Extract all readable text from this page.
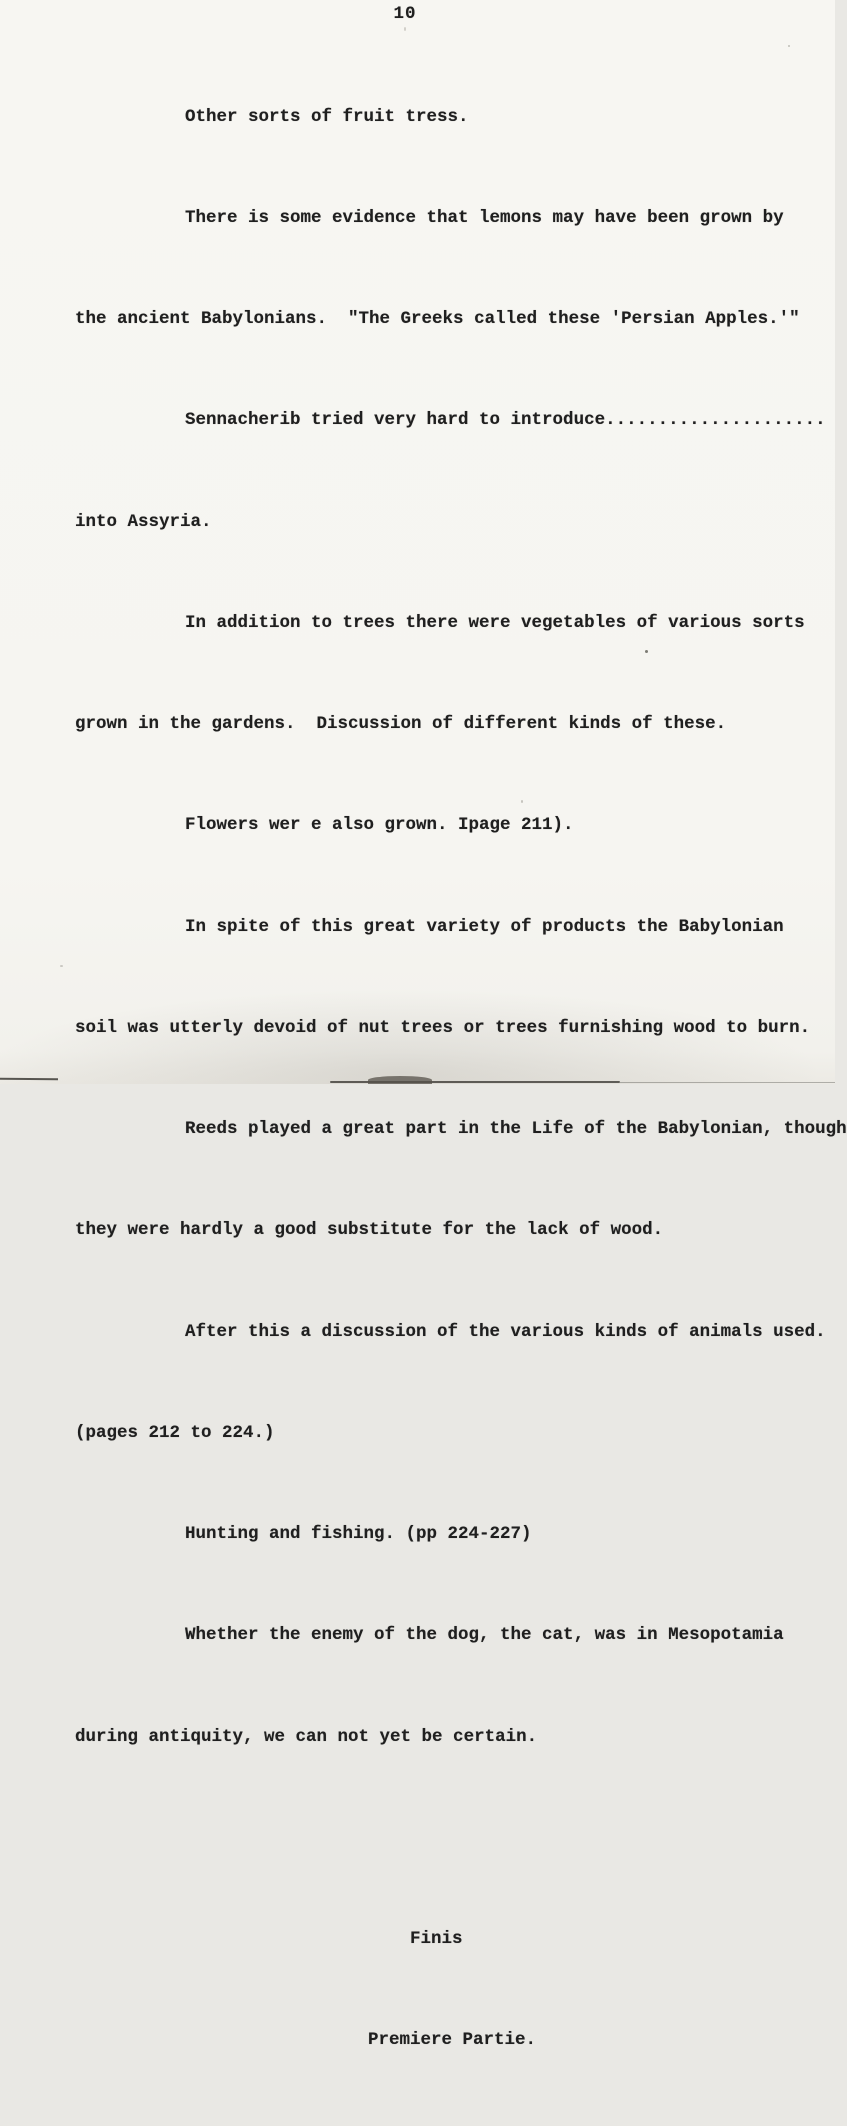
10

Other sorts of fruit tress.

There is some evidence that lemons may have been grown by

the ancient Babylonians.  "The Greeks called these 'Persian Apples.'"

Sennacherib tried very hard to introduce.....................

into Assyria.

In addition to trees there were vegetables of various sorts

grown in the gardens.  Discussion of different kinds of these.

Flowers wer e also grown. Ipage 211).

In spite of this great variety of products the Babylonian

soil was utterly devoid of nut trees or trees furnishing wood to burn.

Reeds played a great part in the Life of the Babylonian, though

they were hardly a good substitute for the lack of wood.

After this a discussion of the various kinds of animals used.

(pages 212 to 224.)

Hunting and fishing. (pp 224-227)

Whether the enemy of the dog, the cat, was in Mesopotamia

during antiquity, we can not yet be certain.

Finis

Premiere Partie.
